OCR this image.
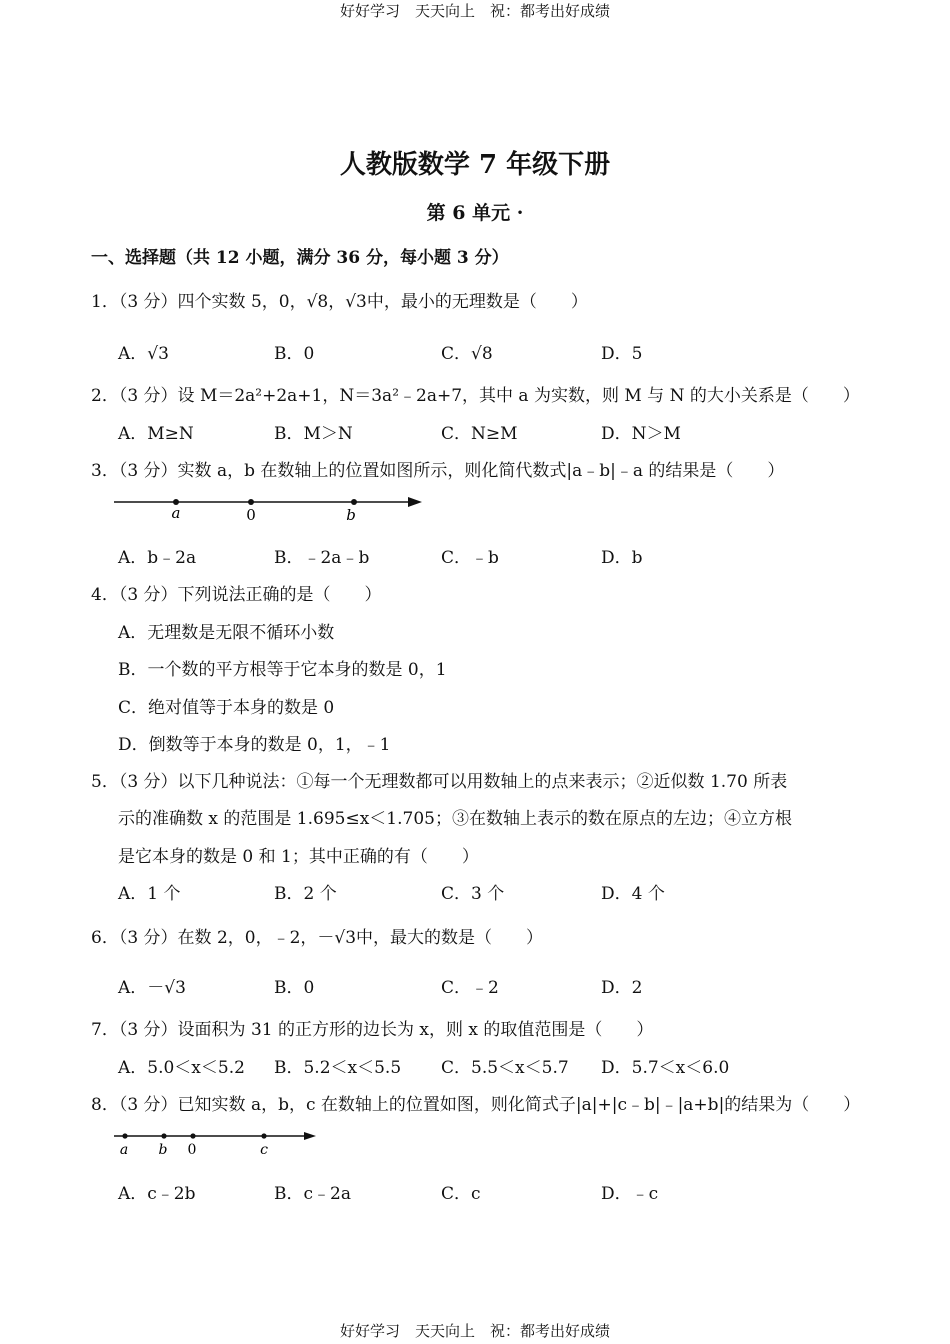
好好学习　天天向上　祝：都考出好成绩
人教版数学 7 年级下册
第 6 单元 ·
一、选择题（共 12 小题，满分 36 分，每小题 3 分）
1．（3 分）四个实数 5，0，√8，√3中，最小的无理数是（　　）
A．√3	B．0	C．√8	D．5
2．（3 分）设 M＝2a²+2a+1，N＝3a²﹣2a+7，其中 a 为实数，则 M 与 N 的大小关系是（　　）
A．M≥N	B．M＞N	C．N≥M	D．N＞M
3．（3 分）实数 a，b 在数轴上的位置如图所示，则化简代数式|a﹣b|﹣a 的结果是（　　）
a	0	b
A．b﹣2a	B．﹣2a﹣b	C．﹣b	D．b
4．（3 分）下列说法正确的是（　　）
A．无理数是无限不循环小数
B．一个数的平方根等于它本身的数是 0，1
C．绝对值等于本身的数是 0
D．倒数等于本身的数是 0，1，﹣1
5．（3 分）以下几种说法：①每一个无理数都可以用数轴上的点来表示；②近似数 1.70 所表
示的准确数 x 的范围是 1.695≤x＜1.705；③在数轴上表示的数在原点的左边；④立方根
是它本身的数是 0 和 1；其中正确的有（　　）
A．1 个	B．2 个	C．3 个	D．4 个
6．（3 分）在数 2，0，﹣2，－√3中，最大的数是（　　）
A．－√3	B．0	C．﹣2	D．2
7．（3 分）设面积为 31 的正方形的边长为 x，则 x 的取值范围是（　　）
A．5.0＜x＜5.2 B．5.2＜x＜5.5 C．5.5＜x＜5.7 D．5.7＜x＜6.0
8．（3 分）已知实数 a，b，c 在数轴上的位置如图，则化简式子|a|+|c﹣b|﹣|a+b|的结果为（　　）
a b 0	c
A．c﹣2b	B．c﹣2a	C．c	D．﹣c
好好学习　天天向上　祝：都考出好成绩
